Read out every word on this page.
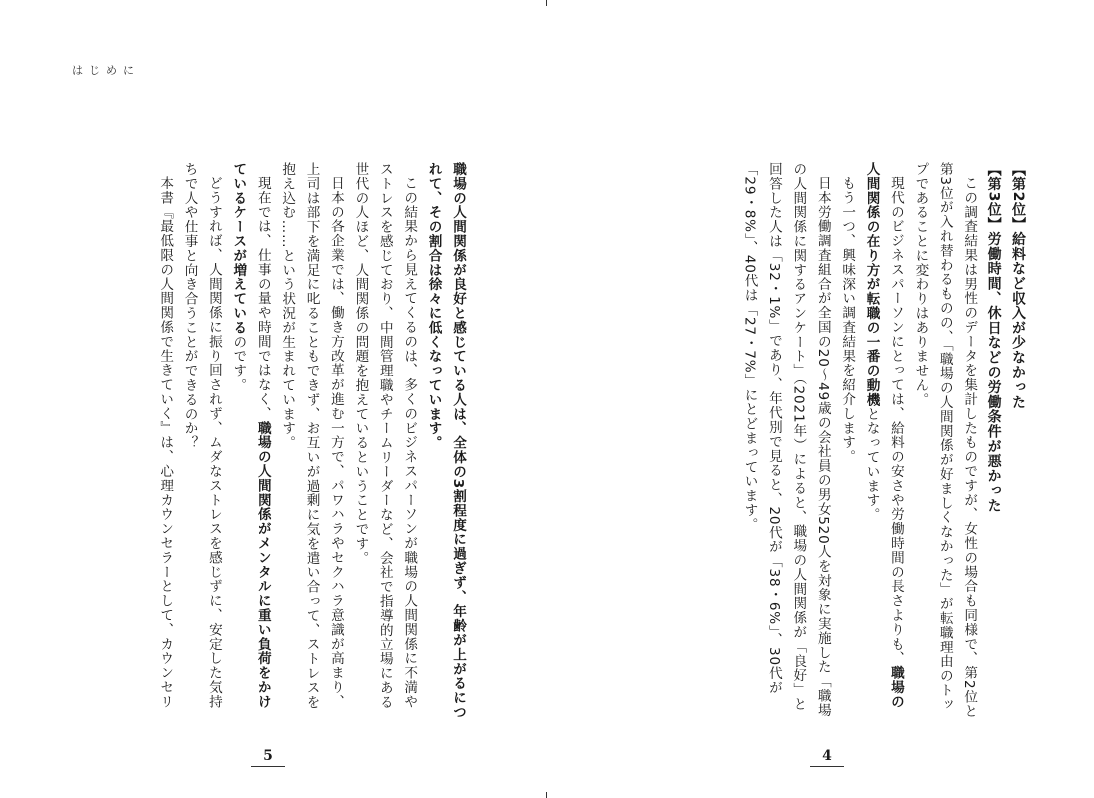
はじめに

職場の人間関係が良好と感じている人は、全体の3割程度に過ぎず、年齢が上がるにつれて、その割合は徐々に低くなっています。

この結果から見えてくるのは、多くのビジネスパーソンが職場の人間関係に不満やストレスを感じており、中間管理職やチームリーダーなど、会社で指導的立場にある世代の人ほど、人間関係の問題を抱えているということです。

日本の各企業では、働き方改革が進む一方で、パワハラやセクハラ意識が高まり、上司は部下を満足に叱ることもできず、お互いが過剰に気を遣い合って、ストレスを抱え込む……という状況が生まれています。

現在では、仕事の量や時間ではなく、職場の人間関係がメンタルに重い負荷をかけているケースが増えているのです。

どうすれば、人間関係に振り回されず、ムダなストレスを感じずに、安定した気持ちで人や仕事と向き合うことができるのか？

本書『最低限の人間関係で生きていく』は、心理カウンセラーとして、カウンセリ

5

【第2位】給料など収入が少なかった

【第3位】労働時間、休日などの労働条件が悪かった

この調査結果は男性のデータを集計したものですが、女性の場合も同様で、第2位と第3位が入れ替わるものの、「職場の人間関係が好ましくなかった」が転職理由のトップであることに変わりはありません。

現代のビジネスパーソンにとっては、給料の安さや労働時間の長さよりも、職場の人間関係の在り方が転職の一番の動機となっています。

もう一つ、興味深い調査結果を紹介します。

日本労働調査組合が全国の20〜49歳の会社員の男女520人を対象に実施した「職場の人間関係に関するアンケート」（2021年）によると、職場の人間関係が「良好」と回答した人は「32・1%」であり、年代別で見ると、20代が「38・6%」、30代が「29・8%」、40代は「27・7%」にとどまっています。

4
